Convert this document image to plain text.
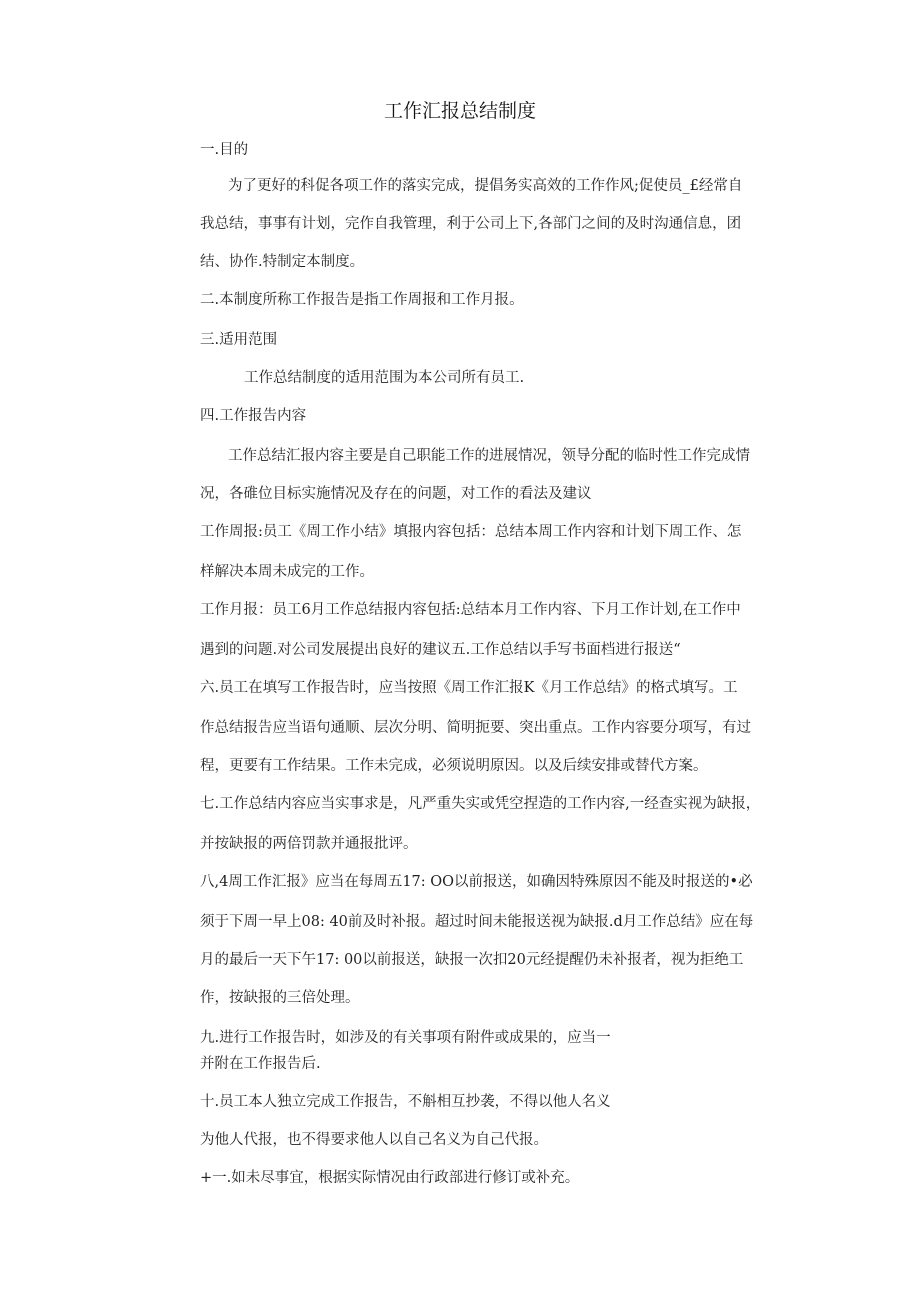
工作汇报总结制度

一.目的

为了更好的科促各项工作的落实完成，提倡务实高效的工作作风;促使员_£经常自

我总结，事事有计划，完作自我管理，利于公司上下,各部门之间的及时沟通信息，团

结、协作.特制定本制度。

二.本制度所称工作报告是指工作周报和工作月报。

三.适用范围

工作总结制度的适用范围为本公司所有员工.

四.工作报告内容

工作总结汇报内容主要是自己职能工作的进展情况，领导分配的临时性工作完成情

况，各碓位目标实施情况及存在的问题，对工作的看法及建议

工作周报:员工《周工作小结》填报内容包括：总结本周工作内容和计划下周工作、怎

样解决本周未成完的工作。

工作月报：员工6月工作总结报内容包括:总结本月工作内容、下月工作计划,在工作中

遇到的问题.对公司发展提出良好的建议五.工作总结以手写书面档进行报送“

六.员工在填写工作报告时，应当按照《周工作汇报K《月工作总结》的格式填写。工

作总结报告应当语句通顺、层次分明、简明扼要、突出重点。工作内容要分项写，有过

程，更要有工作结果。工作未完成，必须说明原因。以及后续安排或替代方案。

七.工作总结内容应当实事求是，凡严重失实或凭空捏造的工作内容,一经查实视为缺报，

并按缺报的两倍罚款并通报批评。

八,4周工作汇报》应当在每周五17: OO以前报送，如确因特殊原因不能及时报送的•必

须于下周一早上08: 40前及时补报。超过时间未能报送视为缺报.d月工作总结》应在每

月的最后一天下午17: 00以前报送，缺报一次扣20元经提醒仍未补报者，视为拒绝工

作，按缺报的三倍处理。

九.进行工作报告时，如涉及的有关事项有附件或成果的，应当一

并附在工作报告后.

十.员工本人独立完成工作报告，不斛相互抄袭，不得以他人名义

为他人代报，也不得要求他人以自己名义为自己代报。

+一.如未尽事宜，根据实际情况由行政部进行修订或补充。
